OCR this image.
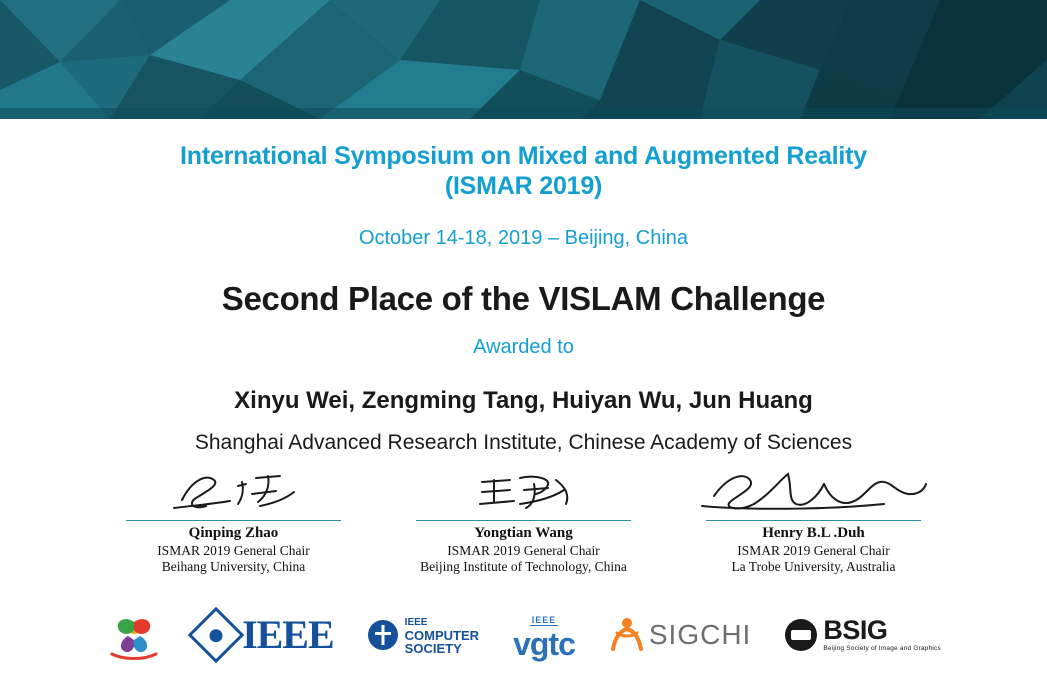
International Symposium on Mixed and Augmented Reality
(ISMAR 2019)

October 14-18, 2019 – Beijing, China

Second Place of the VISLAM Challenge

Awarded to

Xinyu Wei, Zengming Tang, Huiyan Wu, Jun Huang

Shanghai Advanced Research Institute, Chinese Academy of Sciences

Qinping Zhao
ISMAR 2019 General Chair
Beihang University, China
Yongtian Wang
ISMAR 2019 General Chair
Beijing Institute of Technology, China
Henry B.L .Duh
ISMAR 2019 General Chair
La Trobe University, Australia
IEEE	IEEE
COMPUTER
SOCIETY
IEEE
vgtc	SIGCHI	BSIG
Beijing Society of Image and Graphics
